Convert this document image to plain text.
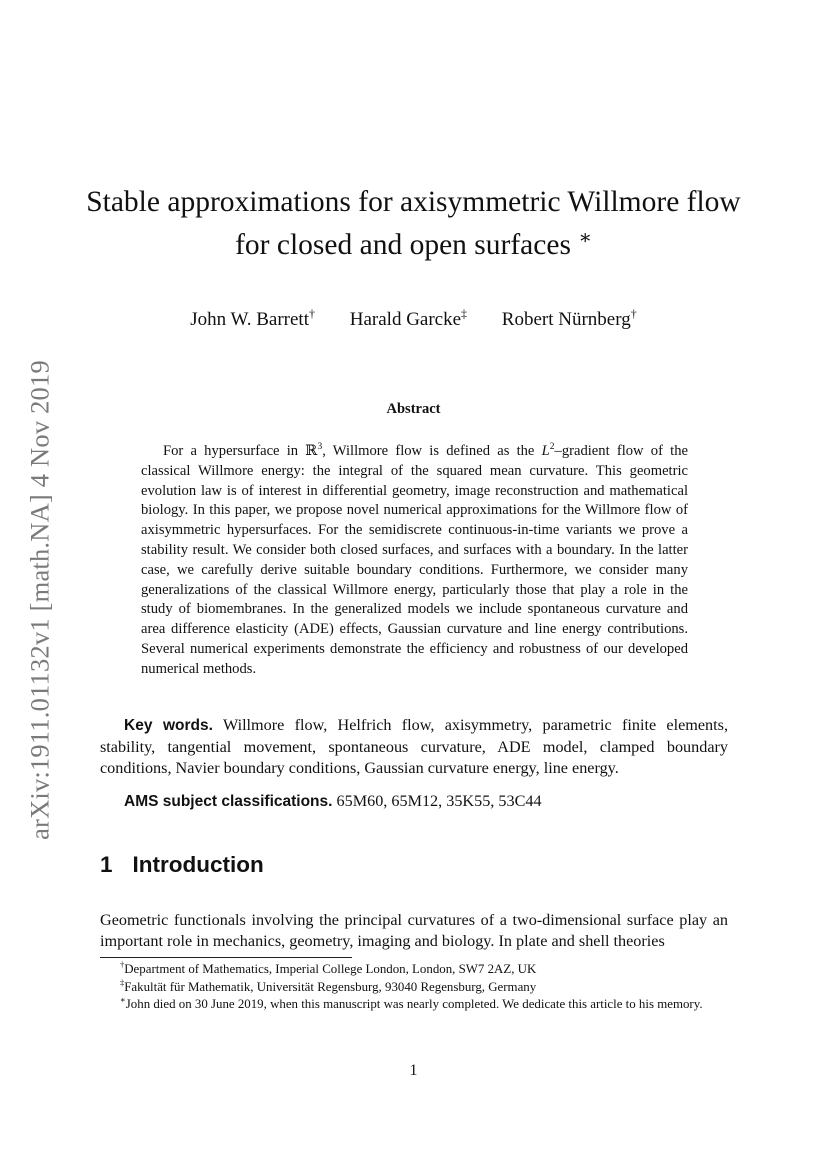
arXiv:1911.01132v1 [math.NA] 4 Nov 2019
Stable approximations for axisymmetric Willmore flow
for closed and open surfaces ∗
John W. Barrett† Harald Garcke‡ Robert Nürnberg†
Abstract
For a hypersurface in ℝ$^3$, Willmore flow is defined as the $L^2$–gradient flow of the classical Willmore energy: the integral of the squared mean curvature. This geometric evolution law is of interest in differential geometry, image reconstruction and mathematical biology. In this paper, we propose novel numerical approximations for the Willmore flow of axisymmetric hypersurfaces. For the semidiscrete continuous-in-time variants we prove a stability result. We consider both closed surfaces, and surfaces with a boundary. In the latter case, we carefully derive suitable boundary conditions. Furthermore, we consider many generalizations of the classical Willmore energy, particularly those that play a role in the study of biomembranes. In the generalized models we include spontaneous curvature and area difference elasticity (ADE) effects, Gaussian curvature and line energy contributions. Several numerical experiments demonstrate the efficiency and robustness of our developed numerical methods.
Key words. Willmore flow, Helfrich flow, axisymmetry, parametric finite elements, stability, tangential movement, spontaneous curvature, ADE model, clamped boundary conditions, Navier boundary conditions, Gaussian curvature energy, line energy.
AMS subject classifications. 65M60, 65M12, 35K55, 53C44
1 Introduction
Geometric functionals involving the principal curvatures of a two-dimensional surface play an important role in mechanics, geometry, imaging and biology. In plate and shell theories
†Department of Mathematics, Imperial College London, London, SW7 2AZ, UK
‡Fakultät für Mathematik, Universität Regensburg, 93040 Regensburg, Germany
∗John died on 30 June 2019, when this manuscript was nearly completed. We dedicate this article to his memory.
1
